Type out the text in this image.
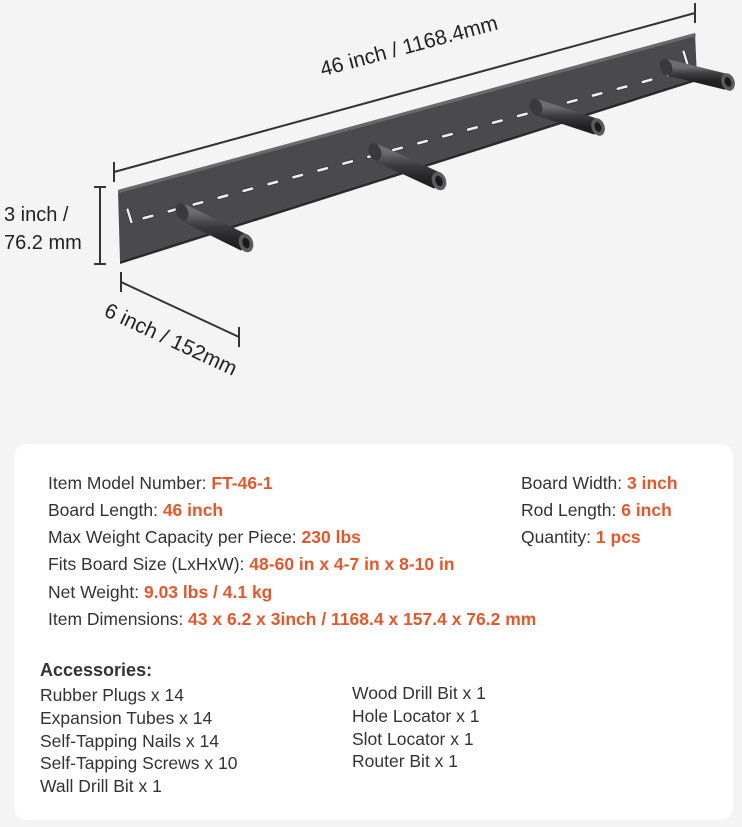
46 inch / 1168.4mm
3 inch /
76.2 mm
6 inch / 152mm
Item Model Number: FT-46-1
Board Length: 46 inch
Max Weight Capacity per Piece: 230 lbs
Fits Board Size (LxHxW): 48-60 in x 4-7 in x 8-10 in
Net Weight: 9.03 lbs / 4.1 kg
Item Dimensions: 43 x 6.2 x 3inch / 1168.4 x 157.4 x 76.2 mm
Board Width: 3 inch
Rod Length: 6 inch
Quantity: 1 pcs
Accessories:
Rubber Plugs x 14
Expansion Tubes x 14
Self-Tapping Nails x 14
Self-Tapping Screws x 10
Wall Drill Bit x 1
Wood Drill Bit x 1
Hole Locator x 1
Slot Locator x 1
Router Bit x 1
